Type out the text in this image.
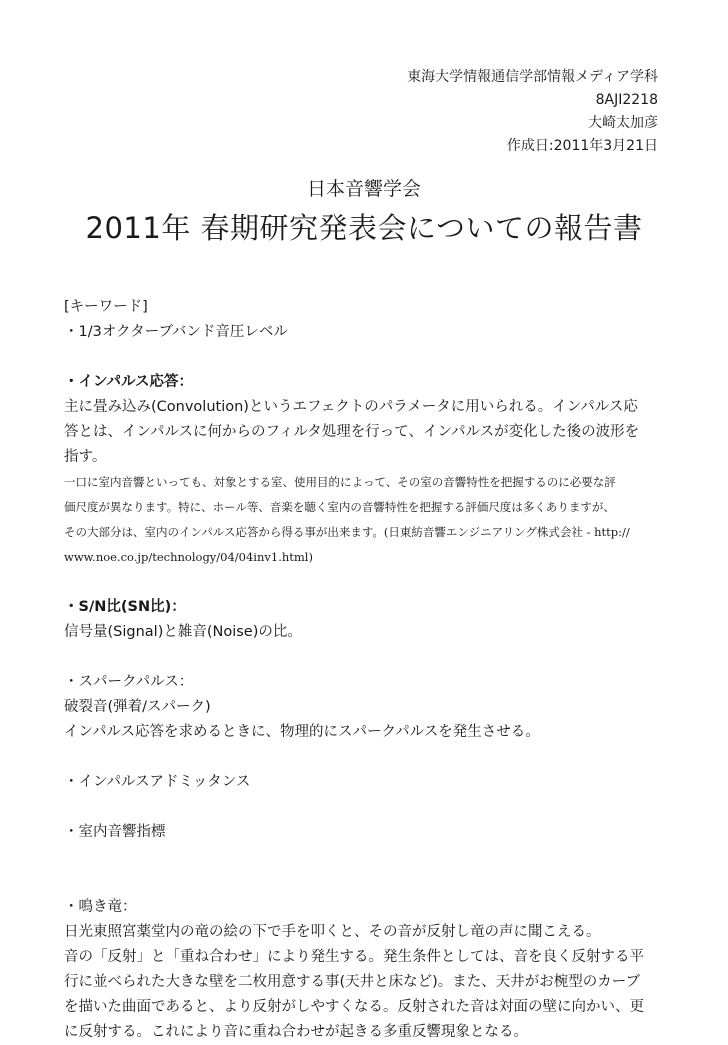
東海大学情報通信学部情報メディア学科
8AJI2218
大崎太加彦
作成日:2011年3月21日
日本音響学会
2011年 春期研究発表会についての報告書

[キーワード]

・1/3オクターブバンド音圧レベル

・インパルス応答：

主に畳み込み(Convolution)というエフェクトのパラメータに用いられる。インパルス応

答とは、インパルスに何からのフィルタ処理を行って、インパルスが変化した後の波形を

指す。

一口に室内音響といっても、対象とする室、使用目的によって、その室の音響特性を把握するのに必要な評

価尺度が異なります。特に、ホール等、音楽を聴く室内の音響特性を把握する評価尺度は多くありますが、

その大部分は、室内のインパルス応答から得る事が出来ます。(日東紡音響エンジニアリング株式会社 - http://

www.noe.co.jp/technology/04/04inv1.html)

・S/N比(SN比)：

信号量(Signal)と雑音(Noise)の比。

・スパークパルス：

破裂音(弾着/スパーク)

インパルス応答を求めるときに、物理的にスパークパルスを発生させる。

・インパルスアドミッタンス

・室内音響指標

・鳴き竜：

日光東照宮薬堂内の竜の絵の下で手を叩くと、その音が反射し竜の声に聞こえる。

音の「反射」と「重ね合わせ」により発生する。発生条件としては、音を良く反射する平

行に並べられた大きな壁を二枚用意する事(天井と床など)。また、天井がお椀型のカーブ

を描いた曲面であると、より反射がしやすくなる。反射された音は対面の壁に向かい、更

に反射する。これにより音に重ね合わせが起きる多重反響現象となる。
